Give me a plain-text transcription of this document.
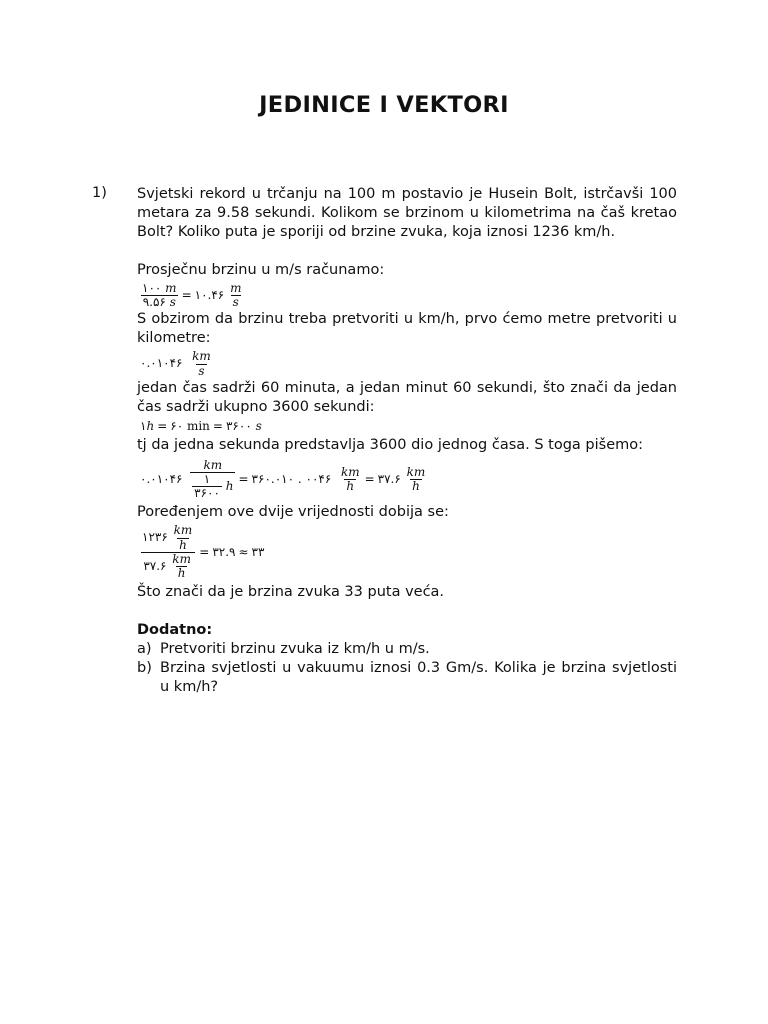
JEDINICE I VEKTORI
1) Svjetski rekord u trčanju na 100 m postavio je Husein Bolt, istrčavši 100 metara za 9.58 sekundi. Kolikom se brzinom u kilometrima na čaš kretao Bolt? Koliko puta je sporiji od brzine zvuka, koja iznosi 1236 km/h.
Prosječnu brzinu u m/s računamo:
$\frac{١٠٠ m}{٩.۵۶ s}$ = ١٠.۴۶
$\frac{m}{s}$
S obzirom da brzinu treba pretvoriti u km/h, prvo ćemo metre pretvoriti u kilometre:
٠.٠١٠۴۶
$\frac{km}{s}$
jedan čas sadrži 60 minuta, a jedan minut 60 sekundi, što znači da jedan čas sadrži ukupno 3600 sekundi:
١ h = ۶٠
min = ٣۶٠٠
s
tj da jedna sekunda predstavlja 3600 dio jednog časa. S toga pišemo:
٠.٠١٠۴۶
km
$\frac{١}{٣۶٠٠}$
h = ٣۶٠٠ . ٠.٠١٠۴۶
$\frac{km}{h}$ = ٣٧.۶
$\frac{km}{h}$
Poređenjem ove dvije vrijednosti dobija se:
١٢٣۶
$\frac{km}{h}$
٣٧.۶
$\frac{km}{h}$ = ٣٢.٩ ≈ ٣٣
Što znači da je brzina zvuka 33 puta veća.
Dodatno:
a) Pretvoriti brzinu zvuka iz km/h u m/s.
b) Brzina svjetlosti u vakuumu iznosi 0.3 Gm/s. Kolika je brzina svjetlosti u km/h?
